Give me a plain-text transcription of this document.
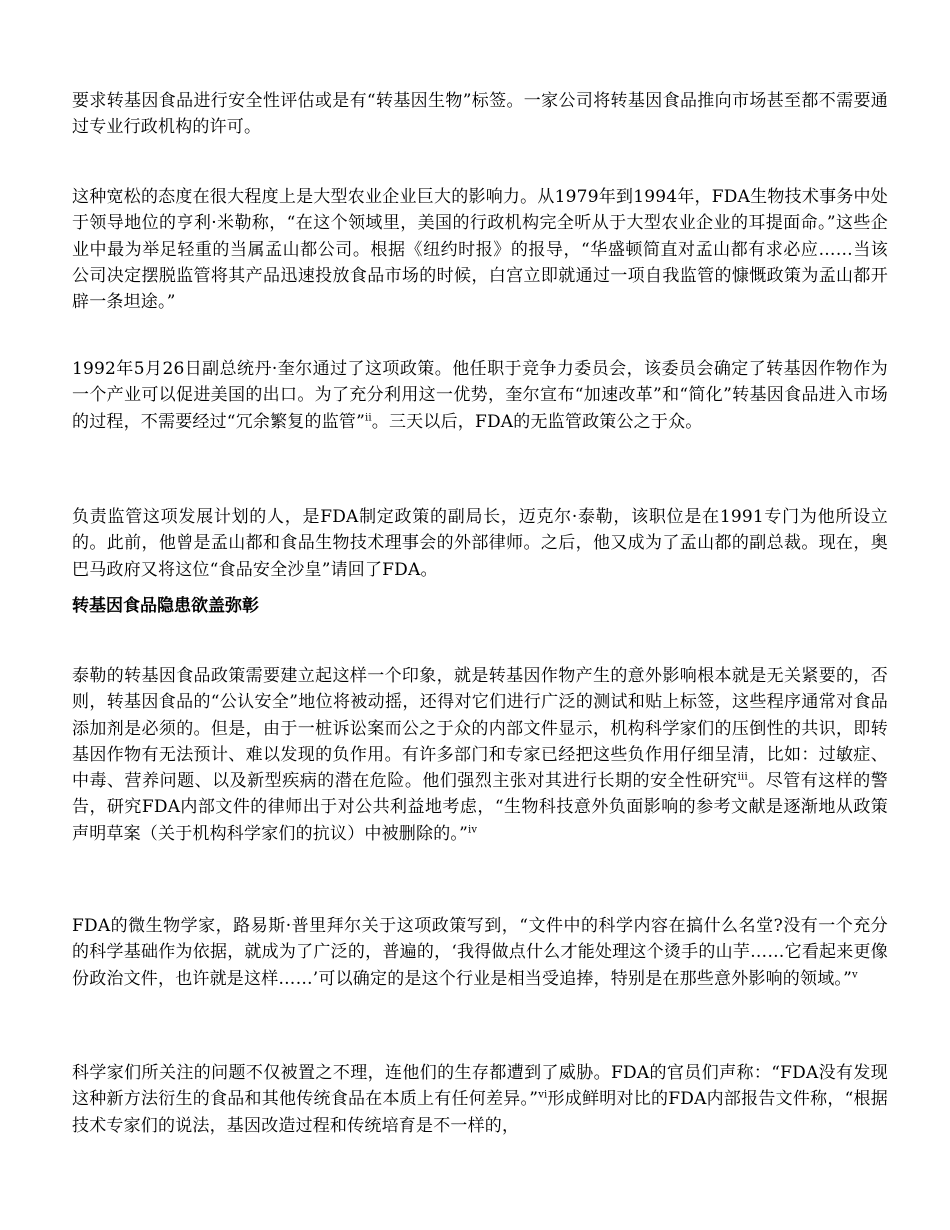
要求转基因食品进行安全性评估或是有“转基因生物”标签。一家公司将转基因食品推向市场甚至都不需要通过专业行政机构的许可。

这种宽松的态度在很大程度上是大型农业企业巨大的影响力。从1979年到1994年，FDA生物技术事务中处于领导地位的亨利·米勒称，“在这个领域里，美国的行政机构完全听从于大型农业企业的耳提面命。”这些企业中最为举足轻重的当属孟山都公司。根据《纽约时报》的报导，“华盛顿简直对孟山都有求必应……当该公司决定摆脱监管将其产品迅速投放食品市场的时候，白宫立即就通过一项自我监管的慷慨政策为孟山都开辟一条坦途。”

1992年5月26日副总统丹·奎尔通过了这项政策。他任职于竞争力委员会，该委员会确定了转基因作物作为一个产业可以促进美国的出口。为了充分利用这一优势，奎尔宣布“加速改革”和“简化”转基因食品进入市场的过程，不需要经过“冗余繁复的监管”$^{ii}$。三天以后，FDA的无监管政策公之于众。

负责监管这项发展计划的人，是FDA制定政策的副局长，迈克尔·泰勒，该职位是在1991专门为他所设立的。此前，他曾是孟山都和食品生物技术理事会的外部律师。之后，他又成为了孟山都的副总裁。现在，奥巴马政府又将这位“食品安全沙皇”请回了FDA。

转基因食品隐患欲盖弥彰

泰勒的转基因食品政策需要建立起这样一个印象，就是转基因作物产生的意外影响根本就是无关紧要的，否则，转基因食品的“公认安全”地位将被动摇，还得对它们进行广泛的测试和贴上标签，这些程序通常对食品添加剂是必须的。但是，由于一桩诉讼案而公之于众的内部文件显示，机构科学家们的压倒性的共识，即转基因作物有无法预计、难以发现的负作用。有许多部门和专家已经把这些负作用仔细呈清，比如：过敏症、中毒、营养问题、以及新型疾病的潜在危险。他们强烈主张对其进行长期的安全性研究$^{iii}$。尽管有这样的警告，研究FDA内部文件的律师出于对公共利益地考虑，“生物科技意外负面影响的参考文献是逐渐地从政策声明草案（关于机构科学家们的抗议）中被删除的。”$^{iv}$

FDA的微生物学家，路易斯·普里拜尔关于这项政策写到，“文件中的科学内容在搞什么名堂?没有一个充分的科学基础作为依据，就成为了广泛的，普遍的，‘我得做点什么才能处理这个烫手的山芋……它看起来更像份政治文件，也许就是这样……’可以确定的是这个行业是相当受追捧，特别是在那些意外影响的领域。”$^v$

科学家们所关注的问题不仅被置之不理，连他们的生存都遭到了威胁。FDA的官员们声称：“FDA没有发现这种新方法衍生的食品和其他传统食品在本质上有任何差异。”$^{vi}$形成鲜明对比的FDA内部报告文件称，“根据技术专家们的说法，基因改造过程和传统培育是不一样的，
